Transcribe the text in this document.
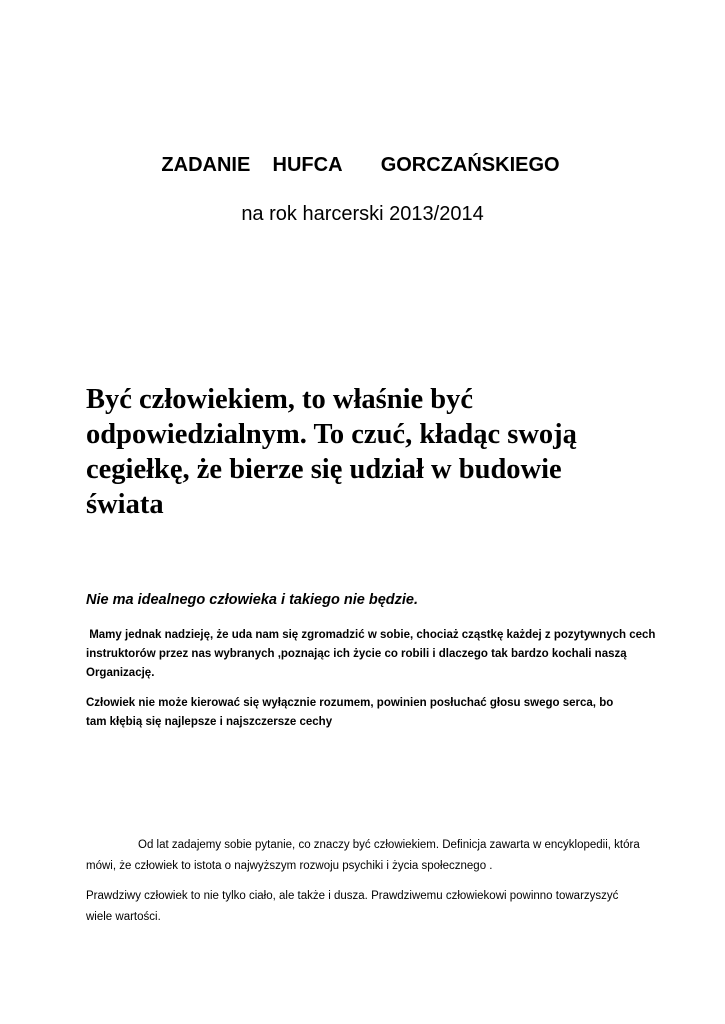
ZADANIE HUFCA GORCZAŃSKIEGO
na rok harcerski 2013/2014

Być człowiekiem, to właśnie być odpowiedzialnym. To czuć, kładąc swoją cegiełkę, że bierze się udział w budowie świata

Nie ma idealnego człowieka i takiego nie będzie.

Mamy jednak nadzieję, że uda nam się zgromadzić w sobie, chociaż cząstkę każdej z pozytywnych cech instruktorów przez nas wybranych ,poznając ich życie co robili i dlaczego tak bardzo kochali naszą Organizację.

Człowiek nie może kierować się wyłącznie rozumem, powinien posłuchać głosu swego serca, bo tam kłębią się najlepsze i najszczersze cechy

Od lat zadajemy sobie pytanie, co znaczy być człowiekiem. Definicja zawarta w encyklopedii, która mówi, że człowiek to istota o najwyższym rozwoju psychiki i życia społecznego .

Prawdziwy człowiek to nie tylko ciało, ale także i dusza. Prawdziwemu człowiekowi powinno towarzyszyć wiele wartości.
